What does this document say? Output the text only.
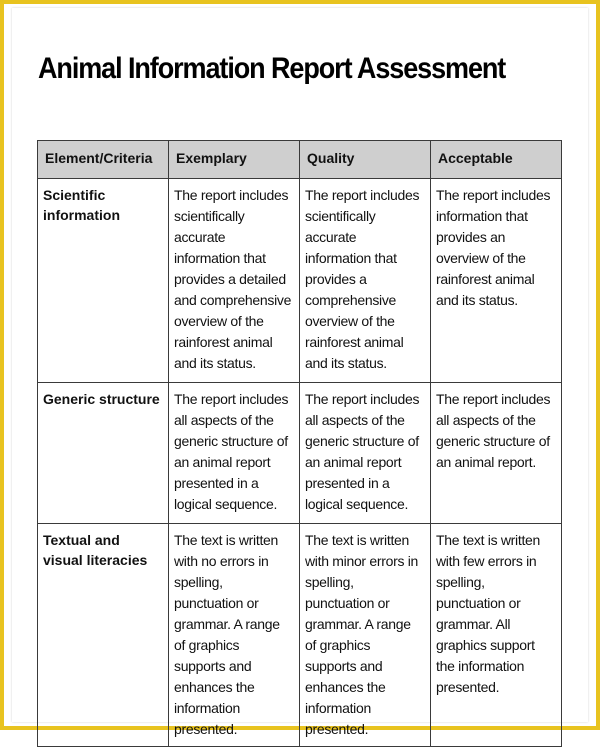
Animal Information Report Assessment
Element/Criteria	Exemplary	Quality	Acceptable
Scientific information	The report includes scientifically accurate information that provides a detailed and comprehensive overview of the rainforest animal and its status.	The report includes scientifically accurate information that provides a comprehensive overview of the rainforest animal and its status.	The report includes information that provides an overview of the rainforest animal and its status.
Generic structure	The report includes all aspects of the generic structure of an animal report presented in a logical sequence.	The report includes all aspects of the generic structure of an animal report presented in a logical sequence.	The report includes all aspects of the generic structure of an animal report.
Textual and visual literacies	The text is written with no errors in spelling, punctuation or grammar. A range of graphics supports and enhances the information presented.	The text is written with minor errors in spelling, punctuation or grammar. A range of graphics supports and enhances the information presented.	The text is written with few errors in spelling, punctuation or grammar. All graphics support the information presented.
